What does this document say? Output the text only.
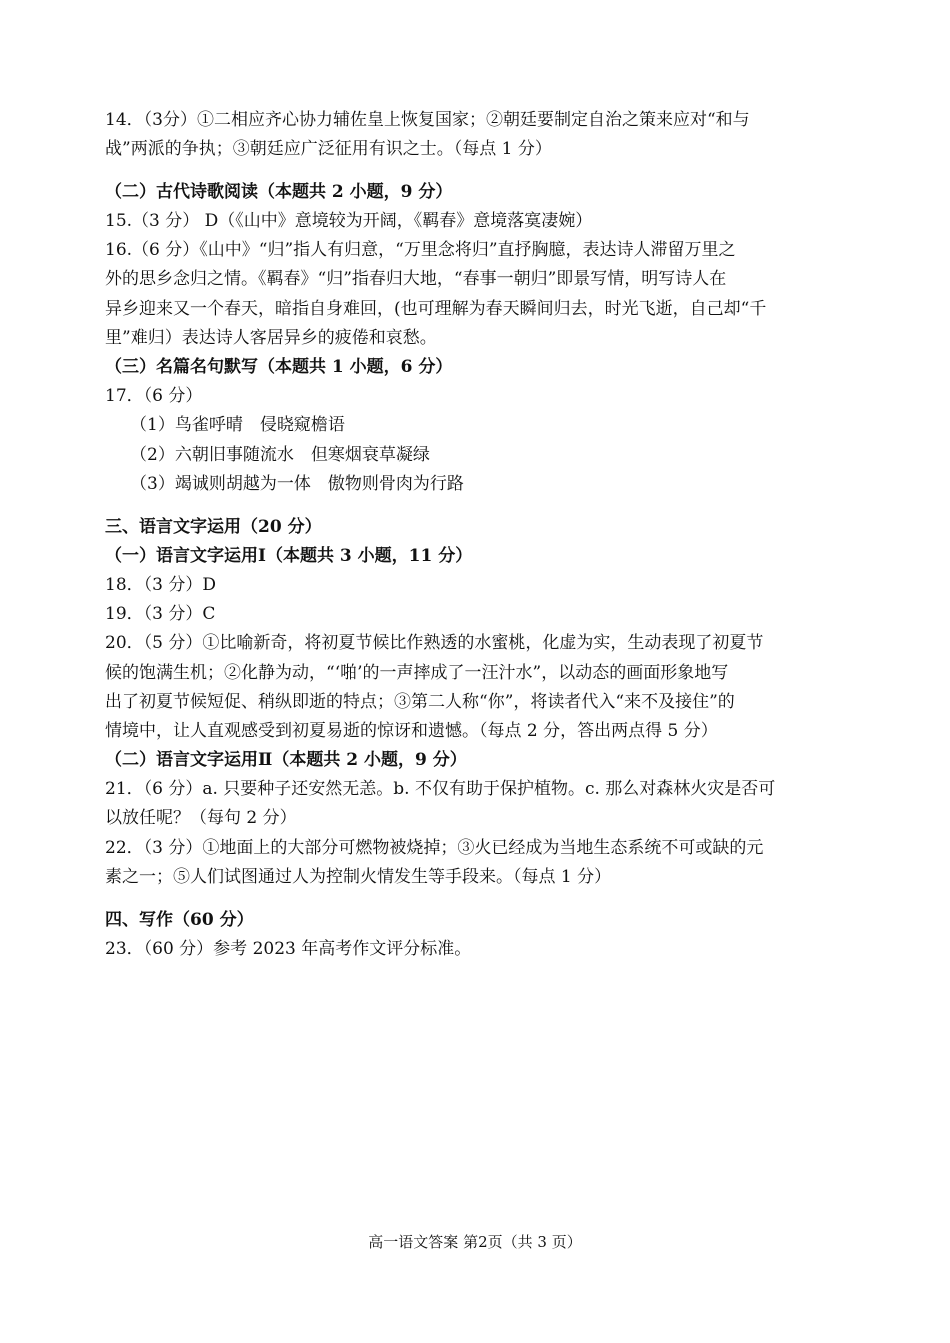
14．（3分）①二相应齐心协力辅佐皇上恢复国家；②朝廷要制定自治之策来应对“和与
战”两派的争执；③朝廷应广泛征用有识之士。（每点 1 分）
（二）古代诗歌阅读（本题共 2 小题，9 分）
15.（3 分） D（《山中》意境较为开阔，《羁春》意境落寞凄婉）
16.（6 分）《山中》“归”指人有归意，“万里念将归”直抒胸臆，表达诗人滞留万里之
外的思乡念归之情。《羁春》“归”指春归大地，“春事一朝归”即景写情，明写诗人在
异乡迎来又一个春天，暗指自身难回，(也可理解为春天瞬间归去，时光飞逝，自己却“千
里”难归）表达诗人客居异乡的疲倦和哀愁。
（三）名篇名句默写（本题共 1 小题，6 分）
17．（6 分）
（1）鸟雀呼晴　侵晓窥檐语
（2）六朝旧事随流水　但寒烟衰草凝绿
（3）竭诚则胡越为一体　傲物则骨肉为行路
三、语言文字运用（20 分）
（一）语言文字运用Ⅰ（本题共 3 小题，11 分）
18．（3 分）D
19．（3 分）C
20．（5 分）①比喻新奇，将初夏节候比作熟透的水蜜桃，化虚为实，生动表现了初夏节
候的饱满生机；②化静为动，“‘啪’的一声摔成了一汪汁水”，以动态的画面形象地写
出了初夏节候短促、稍纵即逝的特点；③第二人称“你”，将读者代入“来不及接住”的
情境中，让人直观感受到初夏易逝的惊讶和遗憾。（每点 2 分，答出两点得 5 分）
（二）语言文字运用Ⅱ（本题共 2 小题，9 分）
21．（6 分）a. 只要种子还安然无恙。b. 不仅有助于保护植物。c. 那么对森林火灾是否可
以放任呢？（每句 2 分）
22．（3 分）①地面上的大部分可燃物被烧掉；③火已经成为当地生态系统不可或缺的元
素之一；⑤人们试图通过人为控制火情发生等手段来。（每点 1 分）
四、写作（60 分）
23．（60 分）参考 2023 年高考作文评分标准。
高一语文答案 第2页（共 3 页）
